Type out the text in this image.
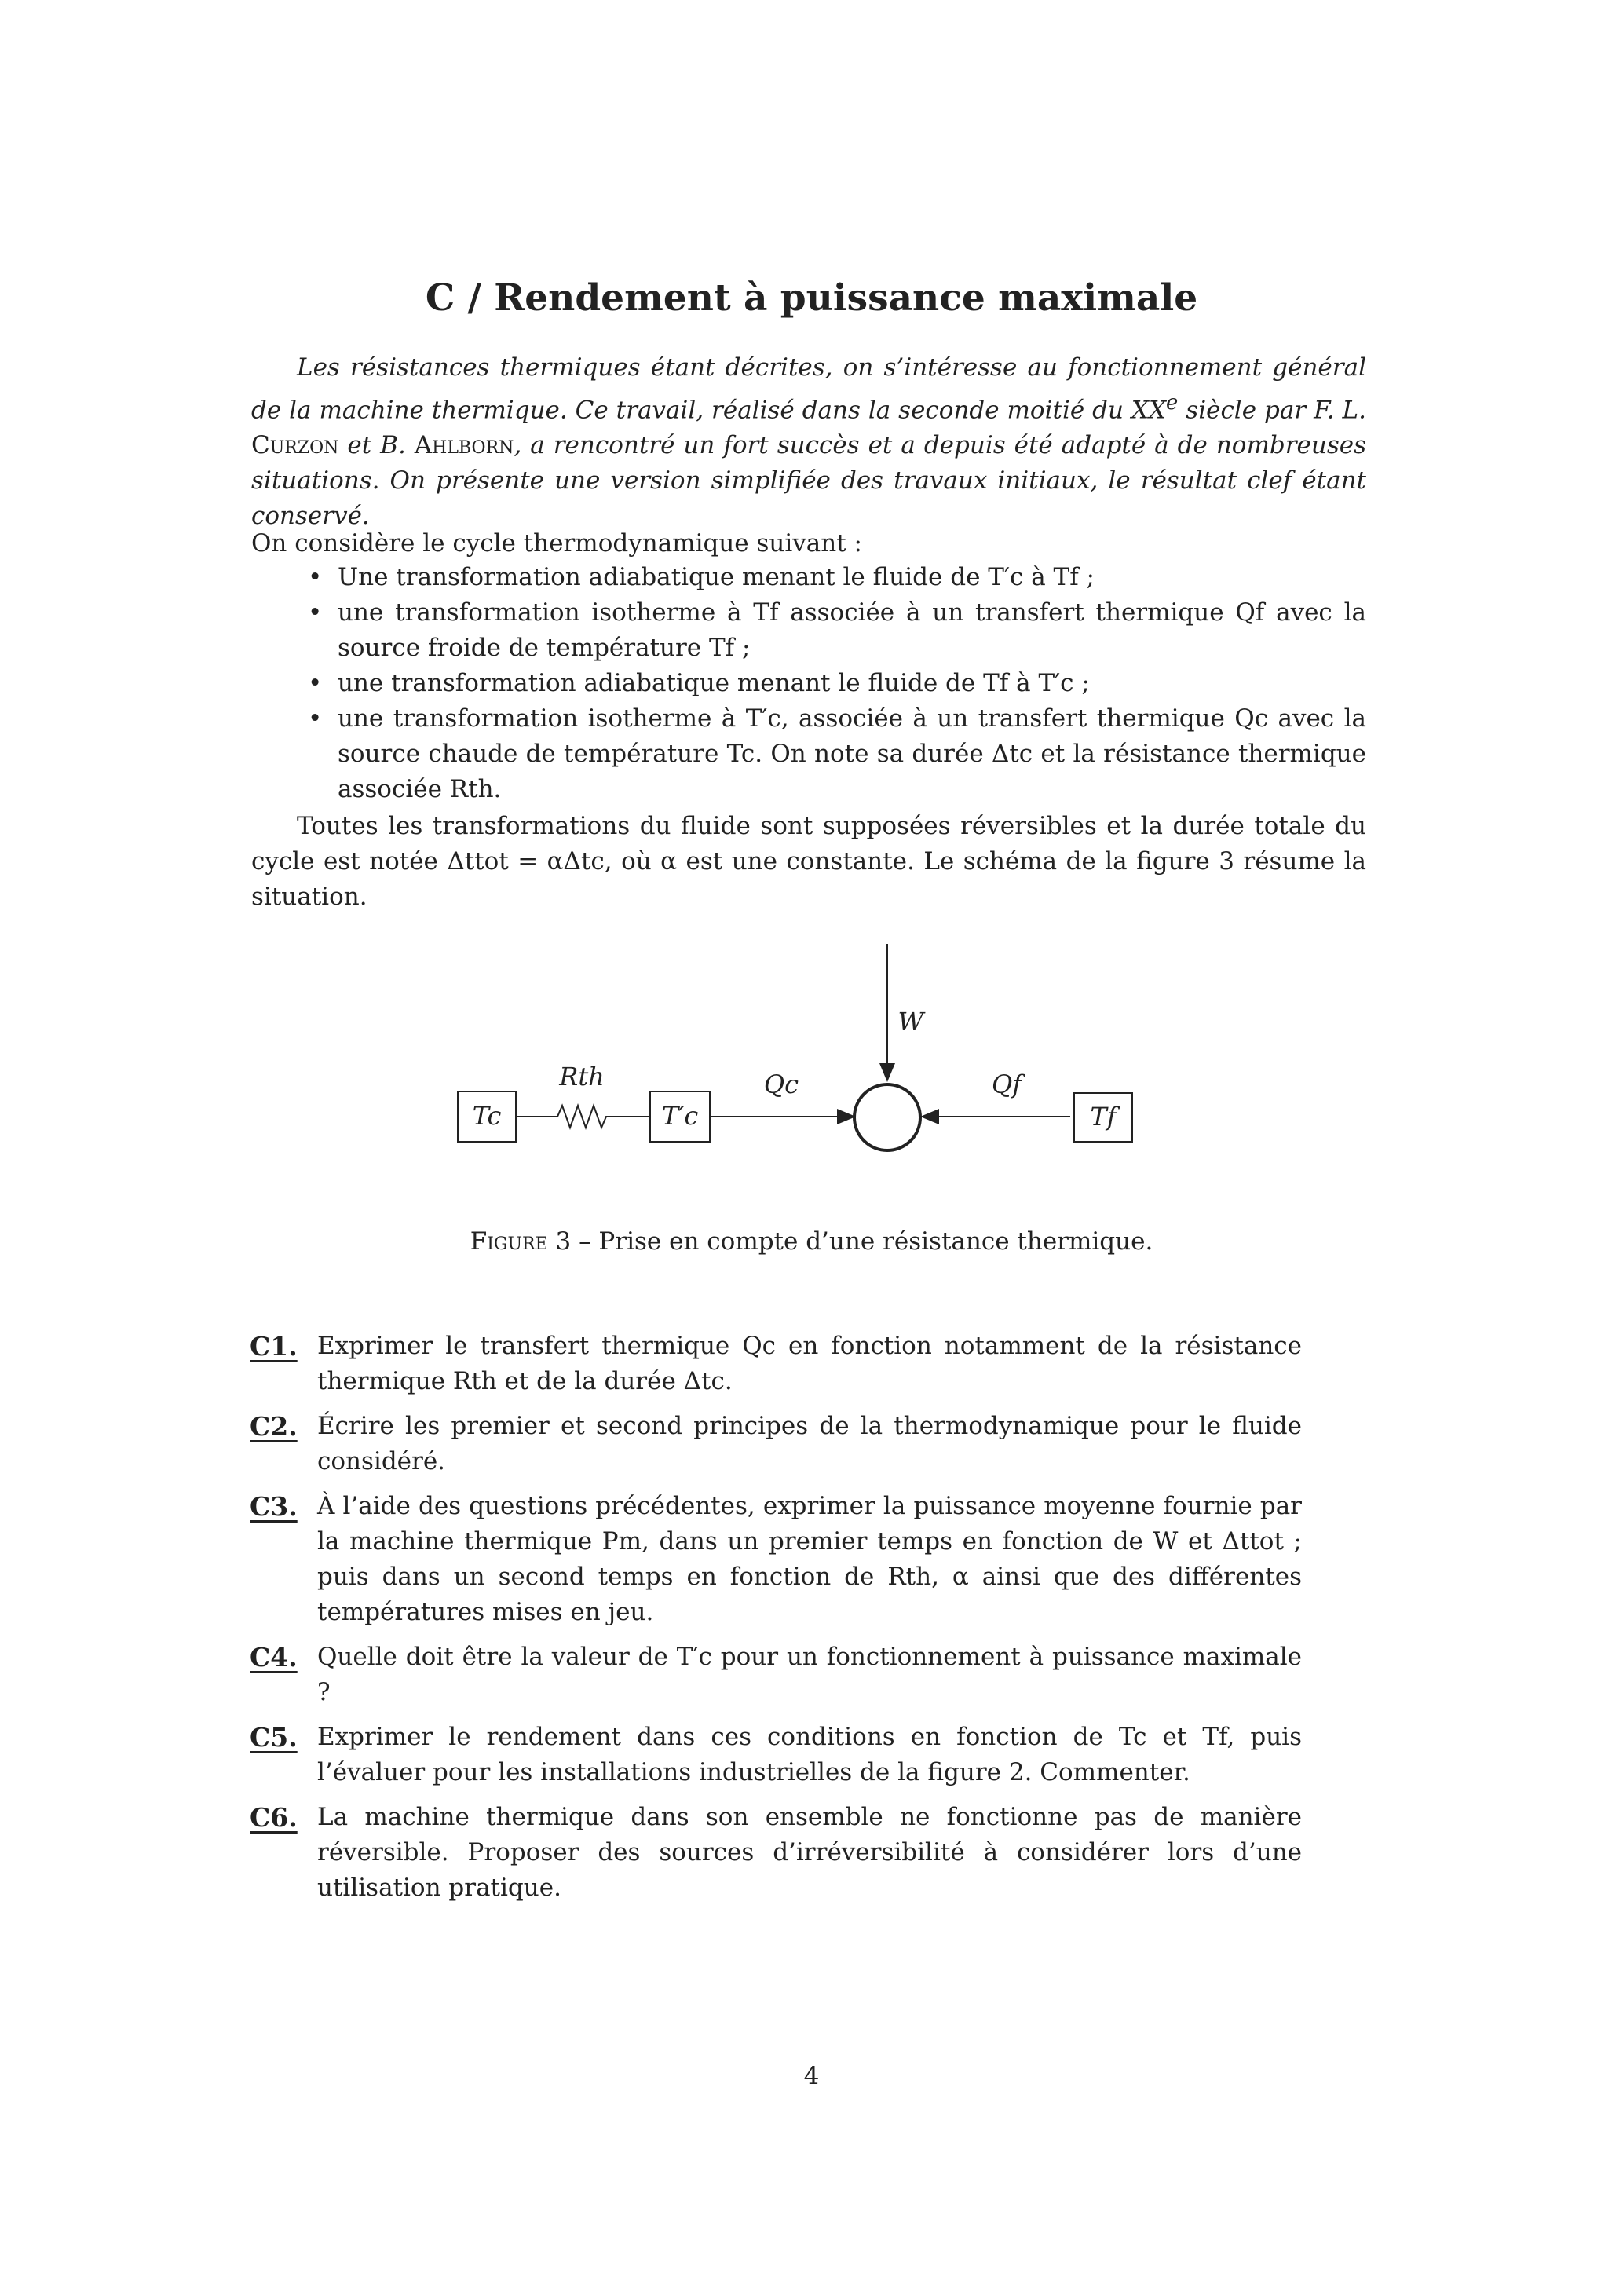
C / Rendement à puissance maximale
Les résistances thermiques étant décrites, on s’intéresse au fonctionnement général de la machine thermique. Ce travail, réalisé dans la seconde moitié du XXe siècle par F. L. Curzon et B. Ahlborn, a rencontré un fort succès et a depuis été adapté à de nombreuses situations. On présente une version simplifiée des travaux initiaux, le résultat clef étant conservé.
On considère le cycle thermodynamique suivant :
• Une transformation adiabatique menant le fluide de T′c à Tf ;
• une transformation isotherme à Tf associée à un transfert thermique Qf avec la source froide de température Tf ;
• une transformation adiabatique menant le fluide de Tf à T′c ;
• une transformation isotherme à T′c, associée à un transfert thermique Qc avec la source chaude de température Tc. On note sa durée Δtc et la résistance thermique associée Rth.
Toutes les transformations du fluide sont supposées réversibles et la durée totale du cycle est notée Δttot = αΔtc, où α est une constante. Le schéma de la figure 3 résume la situation.
Tc
Rth
T′c
Qc
W
Qf
Tf
Figure 3 – Prise en compte d’une résistance thermique.
C1. Exprimer le transfert thermique Qc en fonction notamment de la résistance thermique Rth et de la durée Δtc.
C2. Écrire les premier et second principes de la thermodynamique pour le fluide considéré.
C3. À l’aide des questions précédentes, exprimer la puissance moyenne fournie par la machine thermique Pm, dans un premier temps en fonction de W et Δttot ; puis dans un second temps en fonction de Rth, α ainsi que des différentes températures mises en jeu.
C4. Quelle doit être la valeur de T′c pour un fonctionnement à puissance maximale ?
C5. Exprimer le rendement dans ces conditions en fonction de Tc et Tf, puis l’évaluer pour les installations industrielles de la figure 2. Commenter.
C6. La machine thermique dans son ensemble ne fonctionne pas de manière réversible. Proposer des sources d’irréversibilité à considérer lors d’une utilisation pratique.
4
